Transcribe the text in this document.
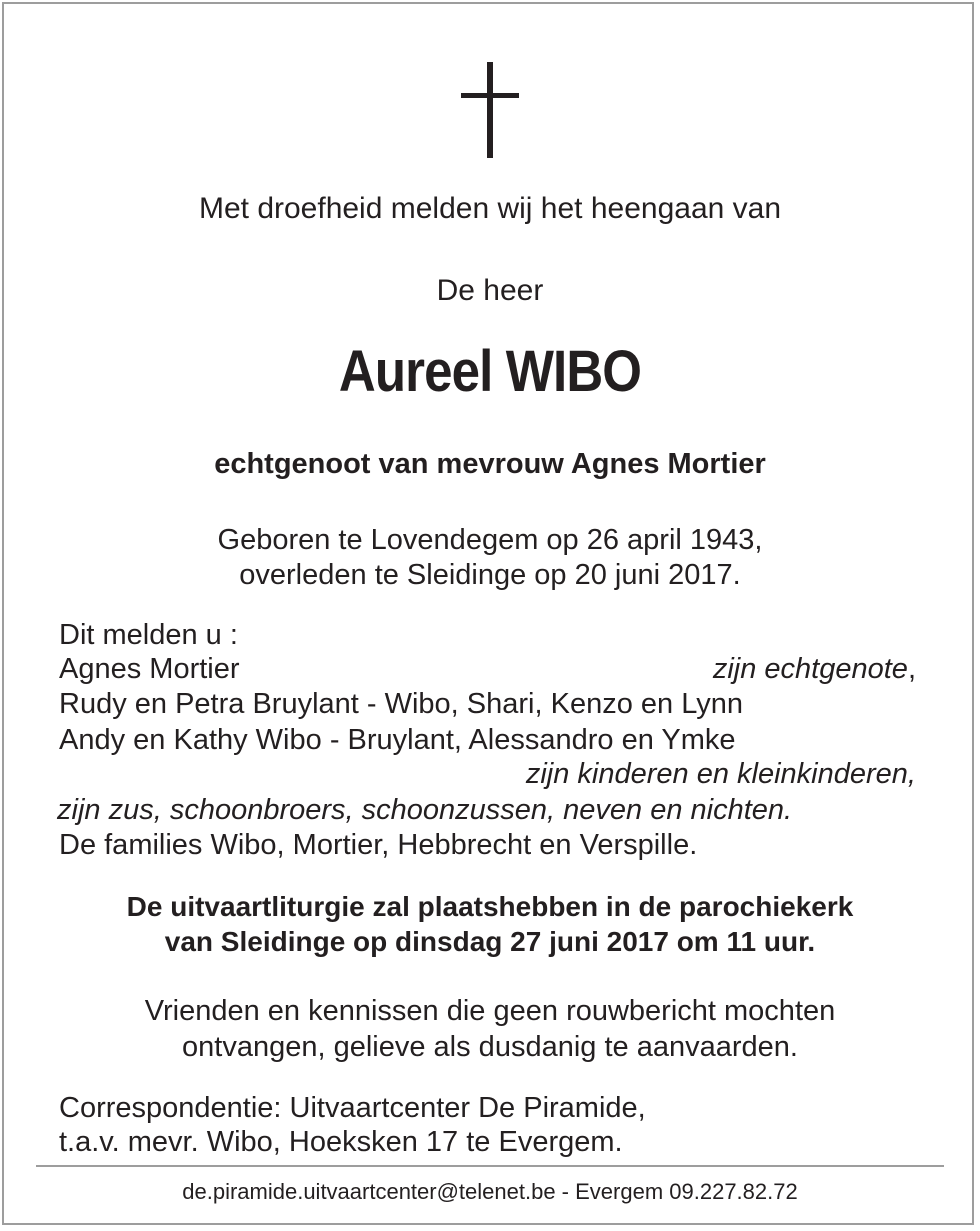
Met droefheid melden wij het heengaan van
De heer
Aureel WIBO
echtgenoot van mevrouw Agnes Mortier
Geboren te Lovendegem op 26 april 1943,
overleden te Sleidinge op 20 juni 2017.
Dit melden u :
Agnes Mortier	zijn echtgenote,
Rudy en Petra Bruylant - Wibo, Shari, Kenzo en Lynn
Andy en Kathy Wibo - Bruylant, Alessandro en Ymke
zijn kinderen en kleinkinderen,
zijn zus, schoonbroers, schoonzussen, neven en nichten.
De families Wibo, Mortier, Hebbrecht en Verspille.
De uitvaartliturgie zal plaatshebben in de parochiekerk
van Sleidinge op dinsdag 27 juni 2017 om 11 uur.
Vrienden en kennissen die geen rouwbericht mochten
ontvangen, gelieve als dusdanig te aanvaarden.
Correspondentie: Uitvaartcenter De Piramide,
t.a.v. mevr. Wibo, Hoeksken 17 te Evergem.
de.piramide.uitvaartcenter@telenet.be - Evergem 09.227.82.72
